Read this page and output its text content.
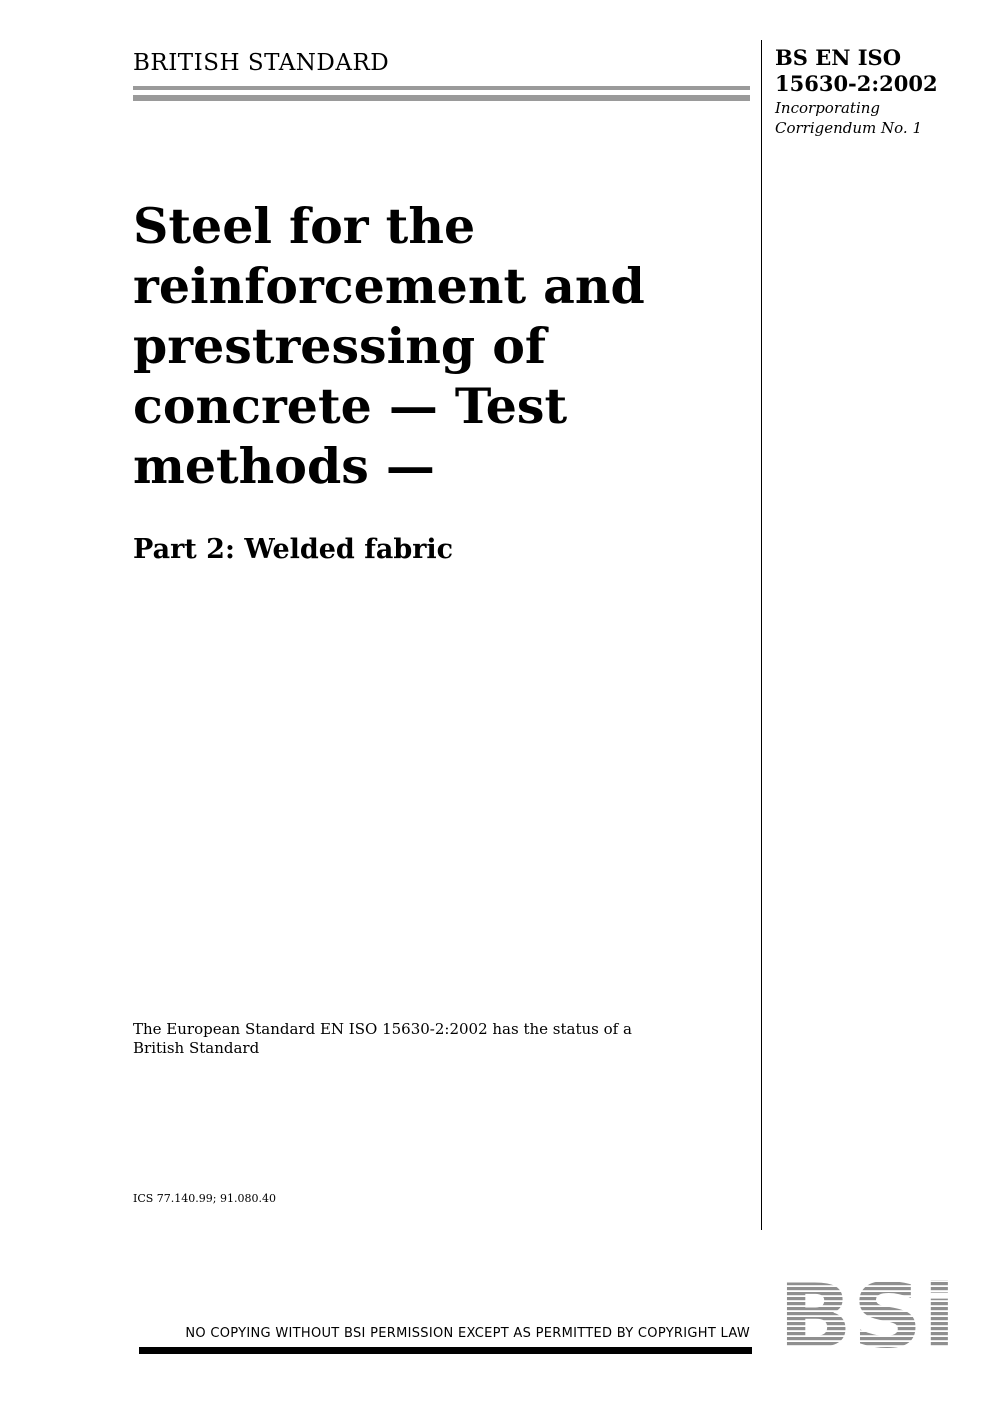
BRITISH STANDARD	BS EN ISO
15630-2:2002
Incorporating
Corrigendum No. 1
Steel for the
reinforcement and
prestressing of
concrete — Test
methods —
Part 2: Welded fabric
The European Standard EN ISO 15630-2:2002 has the status of a
British Standard
ICS 77.140.99; 91.080.40
NO COPYING WITHOUT BSI PERMISSION EXCEPT AS PERMITTED BY COPYRIGHT LAW BSi
